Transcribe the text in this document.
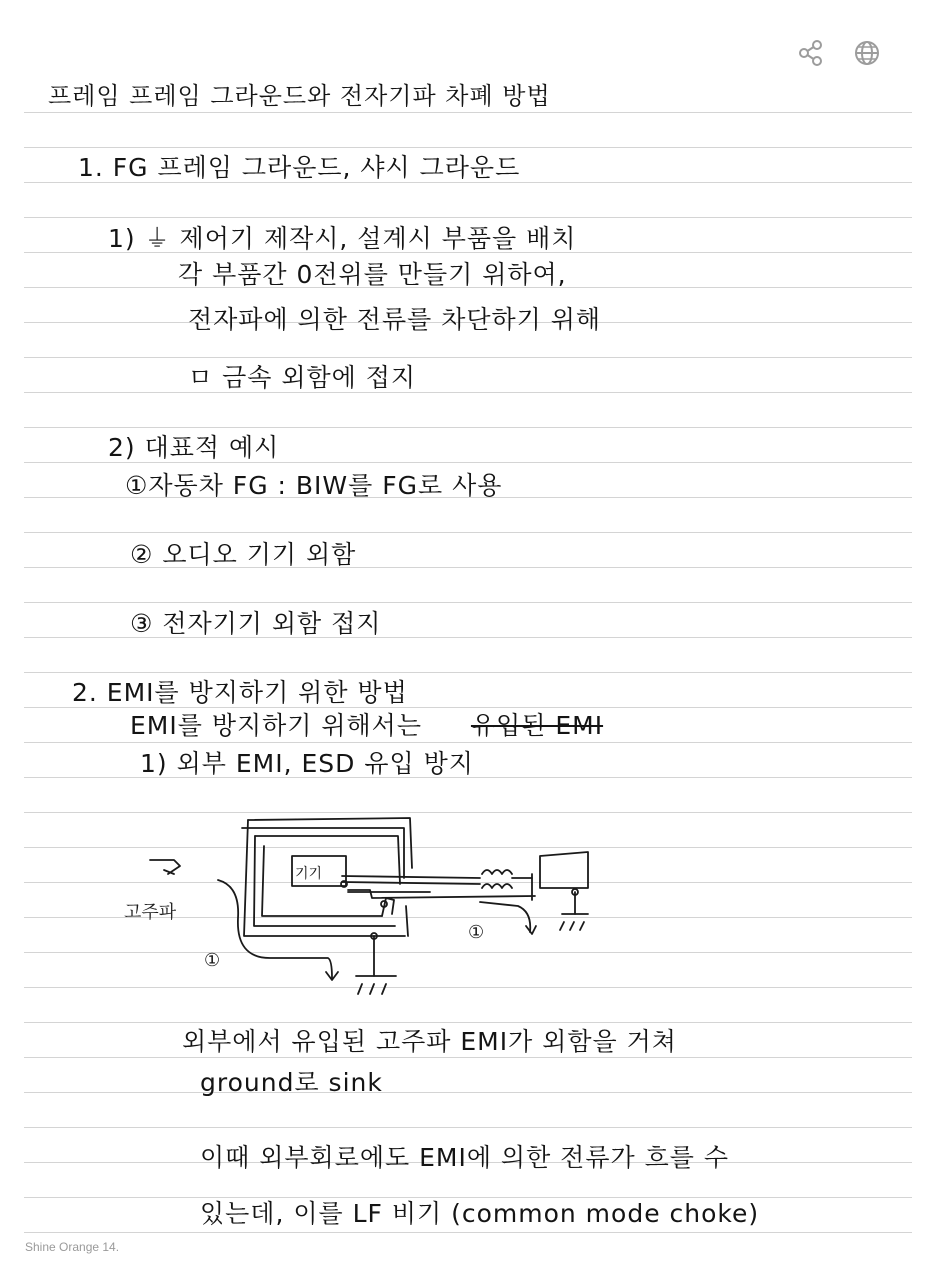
프레임 프레임 그라운드와 전자기파 차폐 방법
1. FG 프레임 그라운드, 샤시 그라운드
1) ⏚ 제어기 제작시, 설계시 부품을 배치
각 부품간 0전위를 만들기 위하여,
전자파에 의한 전류를 차단하기 위해
ㅁ 금속 외함에 접지
2) 대표적 예시
①자동차 FG : BIW를 FG로 사용
② 오디오 기기 외함
③ 전자기기 외함 접지
2. EMI를 방지하기 위한 방법
EMI를 방지하기 위해서는 유입된 EMI
1) 외부 EMI, ESD 유입 방지
기기
고주파
①
①
외부에서 유입된 고주파 EMI가 외함을 거쳐
ground로 sink
이때 외부회로에도 EMI에 의한 전류가 흐를 수
있는데, 이를 LF 비기 (common mode choke)
Shine Orange 14.
